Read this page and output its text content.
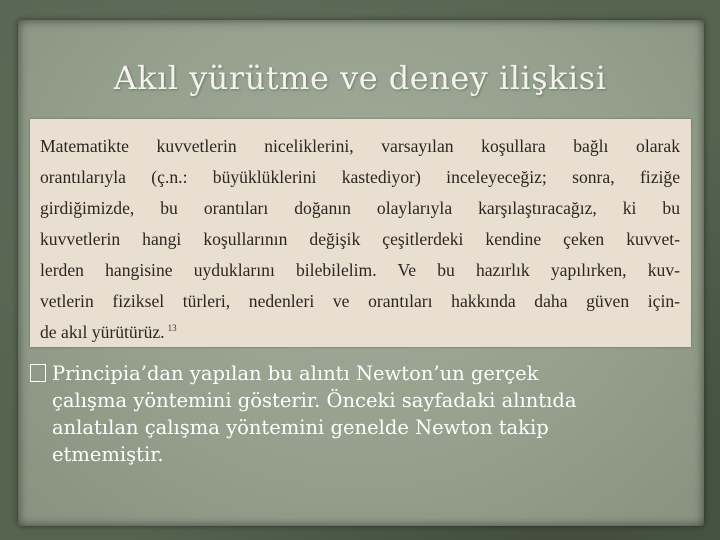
Akıl yürütme ve deney ilişkisi

Matematikte kuvvetlerin niceliklerini, varsayılan koşullara bağlı olarak
orantılarıyla (ç.n.: büyüklüklerini kastediyor) inceleyeceğiz; sonra, fiziğe
girdiğimizde, bu orantıları doğanın olaylarıyla karşılaştıracağız, ki bu
kuvvetlerin hangi koşullarının değişik çeşitlerdeki kendine çeken kuvvet-
lerden hangisine uyduklarını bilebilelim. Ve bu hazırlık yapılırken, kuv-
vetlerin fiziksel türleri, nedenleri ve orantıları hakkında daha güven için-
de akıl yürütürüz. $^{13}$

Principia’dan yapılan bu alıntı Newton’un gerçek
çalışma yöntemini gösterir. Önceki sayfadaki alıntıda
anlatılan çalışma yöntemini genelde Newton takip
etmemiştir.
